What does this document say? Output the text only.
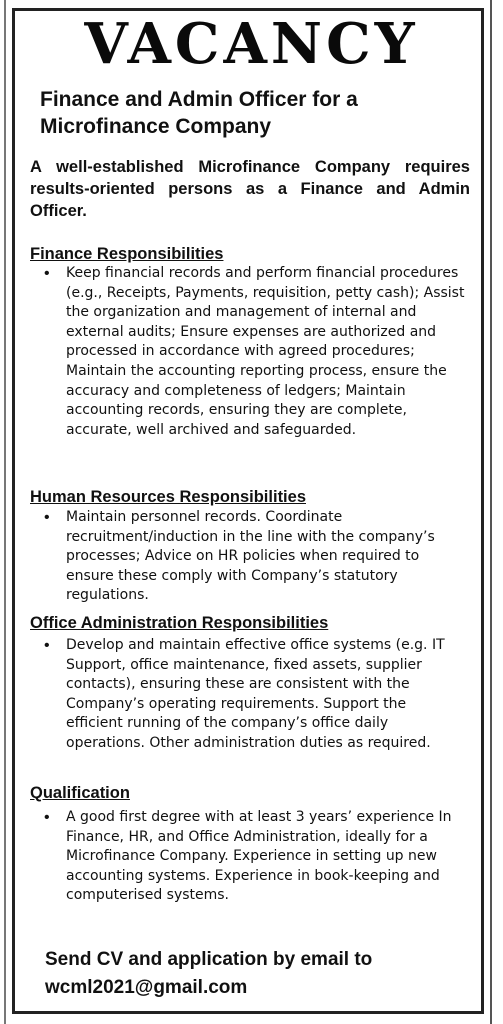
VACANCY
Finance and Admin Officer for a Microfinance Company
A well-established Microfinance Company requires results-oriented persons as a Finance and Admin Officer.
Finance Responsibilities
• Keep financial records and perform financial procedures (e.g., Receipts, Payments, requisition, petty cash); Assist the organization and management of internal and external audits; Ensure expenses are authorized and processed in accordance with agreed procedures; Maintain the accounting reporting process, ensure the accuracy and completeness of ledgers; Maintain accounting records, ensuring they are complete, accurate, well archived and safeguarded.
Human Resources Responsibilities
• Maintain personnel records. Coordinate recruitment/induction in the line with the company’s processes; Advice on HR policies when required to ensure these comply with Company’s statutory regulations.
Office Administration Responsibilities
• Develop and maintain effective office systems (e.g. IT Support, office maintenance, fixed assets, supplier contacts), ensuring these are consistent with the Company’s operating requirements. Support the efficient running of the company’s office daily operations. Other administration duties as required.
Qualification
• A good first degree with at least 3 years’ experience In Finance, HR, and Office Administration, ideally for a Microfinance Company. Experience in setting up new accounting systems. Experience in book-keeping and computerised systems.
Send CV and application by email to
wcml2021@gmail.com
